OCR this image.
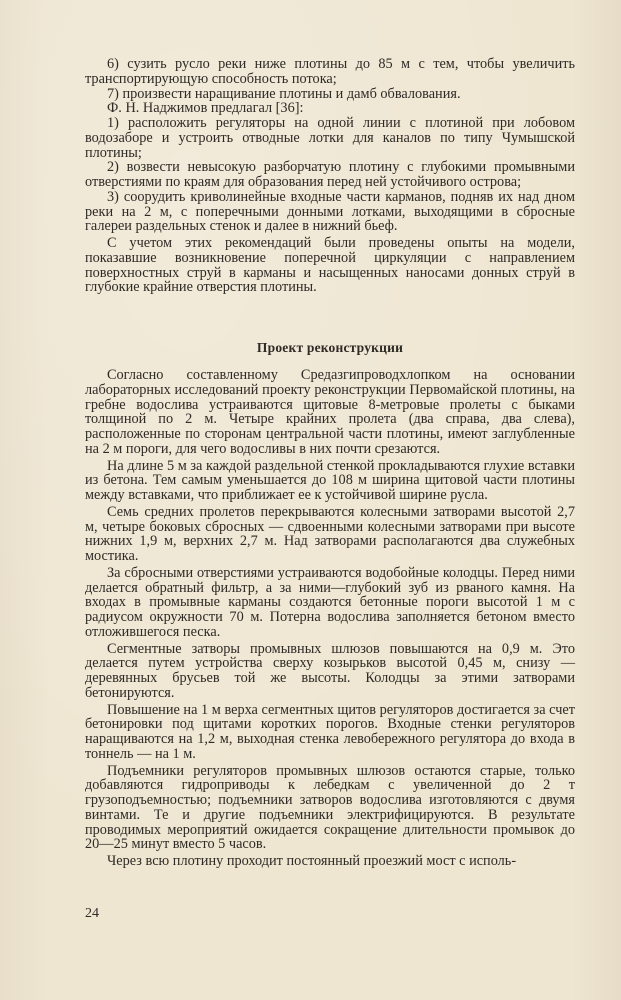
6) сузить русло реки ниже плотины до 85 м с тем, чтобы увеличить транспортирующую способность потока;

7) произвести наращивание плотины и дамб обвалования.

Ф. Н. Наджимов предлагал [36]:

1) расположить регуляторы на одной линии с плотиной при лобовом водозаборе и устроить отводные лотки для каналов по типу Чумышской плотины;

2) возвести невысокую разборчатую плотину с глубокими промывными отверстиями по краям для образования перед ней устойчивого острова;

3) соорудить криволинейные входные части карманов, подняв их над дном реки на 2 м, с поперечными донными лотками, выходящими в сбросные галереи раздельных стенок и далее в нижний бьеф.

С учетом этих рекомендаций были проведены опыты на модели, показавшие возникновение поперечной циркуляции с направлением поверхностных струй в карманы и насыщенных наносами донных струй в глубокие крайние отверстия плотины.

Проект реконструкции

Согласно составленному Средазгипроводхлопком на основании лабораторных исследований проекту реконструкции Первомайской плотины, на гребне водослива устраиваются щитовые 8-метровые пролеты с быками толщиной по 2 м. Четыре крайних пролета (два справа, два слева), расположенные по сторонам центральной части плотины, имеют заглубленные на 2 м пороги, для чего водосливы в них почти срезаются.

На длине 5 м за каждой раздельной стенкой прокладываются глухие вставки из бетона. Тем самым уменьшается до 108 м ширина щитовой части плотины между вставками, что приближает ее к устойчивой ширине русла.

Семь средних пролетов перекрываются колесными затворами высотой 2,7 м, четыре боковых сбросных — сдвоенными колесными затворами при высоте нижних 1,9 м, верхних 2,7 м. Над затворами располагаются два служебных мостика.

За сбросными отверстиями устраиваются водобойные колодцы. Перед ними делается обратный фильтр, а за ними—глубокий зуб из рваного камня. На входах в промывные карманы создаются бетонные пороги высотой 1 м с радиусом окружности 70 м. Потерна водослива заполняется бетоном вместо отложившегося песка.

Сегментные затворы промывных шлюзов повышаются на 0,9 м. Это делается путем устройства сверху козырьков высотой 0,45 м, снизу — деревянных брусьев той же высоты. Колодцы за этими затворами бетонируются.

Повышение на 1 м верха сегментных щитов регуляторов достигается за счет бетонировки под щитами коротких порогов. Входные стенки регуляторов наращиваются на 1,2 м, выходная стенка левобережного регулятора до входа в тоннель — на 1 м.

Подъемники регуляторов промывных шлюзов остаются старые, только добавляются гидроприводы к лебедкам с увеличенной до 2 т грузоподъемностью; подъемники затворов водослива изготовляются с двумя винтами. Те и другие подъемники электрифицируются. В результате проводимых мероприятий ожидается сокращение длительности промывок до 20—25 минут вместо 5 часов.

Через всю плотину проходит постоянный проезжий мост с исполь-

24
